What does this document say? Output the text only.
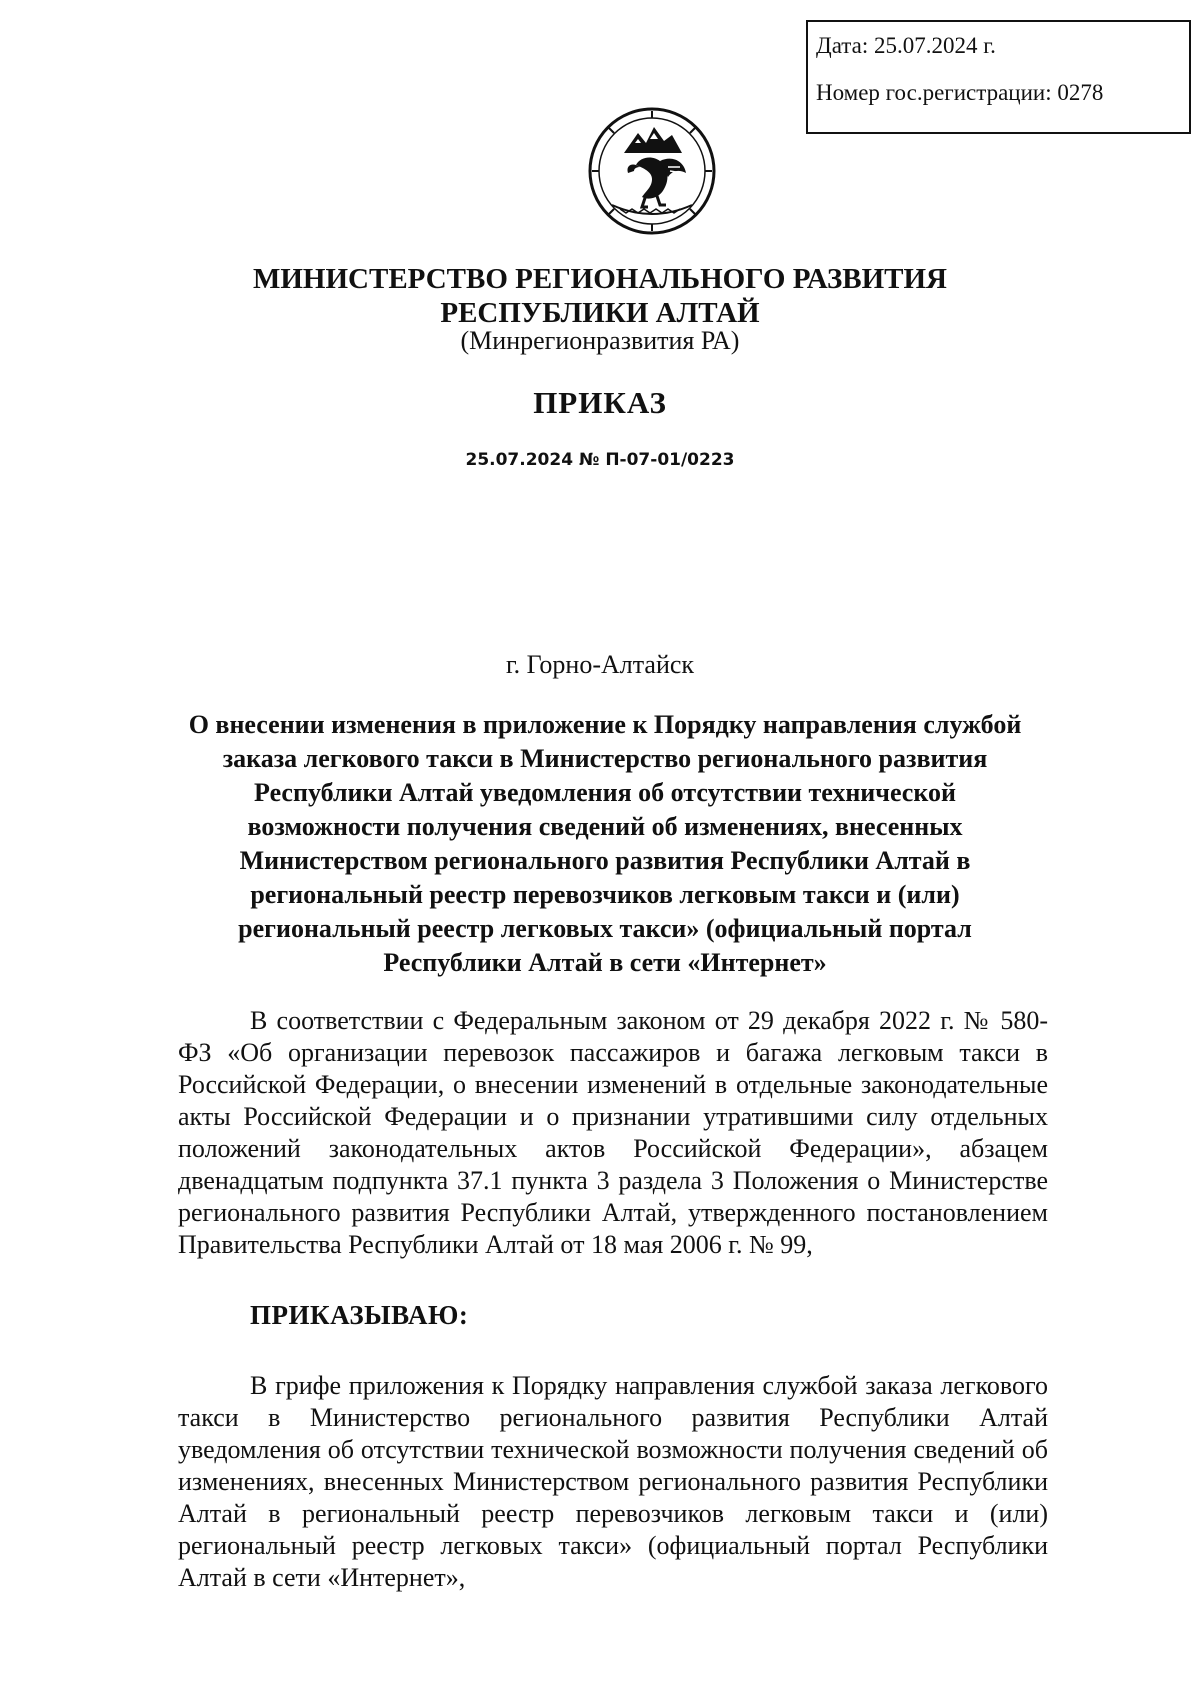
Дата: 25.07.2024 г.
Номер гос.регистрации: 0278
МИНИСТЕРСТВО РЕГИОНАЛЬНОГО РАЗВИТИЯ
РЕСПУБЛИКИ АЛТАЙ
(Минрегионразвития РА)
ПРИКАЗ
25.07.2024 № П-07-01/0223
г. Горно-Алтайск
О внесении изменения в приложение к Порядку направления службой заказа легкового такси в Министерство регионального развития Республики Алтай уведомления об отсутствии технической возможности получения сведений об изменениях, внесенных Министерством регионального развития Республики Алтай в региональный реестр перевозчиков легковым такси и (или) региональный реестр легковых такси» (официальный портал Республики Алтай в сети «Интернет»
В соответствии с Федеральным законом от 29 декабря 2022 г. № 580-ФЗ «Об организации перевозок пассажиров и багажа легковым такси в Российской Федерации, о внесении изменений в отдельные законодательные акты Российской Федерации и о признании утратившими силу отдельных положений законодательных актов Российской Федерации», абзацем двенадцатым подпункта 37.1 пункта 3 раздела 3 Положения о Министерстве регионального развития Республики Алтай, утвержденного постановлением Правительства Республики Алтай от 18 мая 2006 г. № 99,
ПРИКАЗЫВАЮ:
В грифе приложения к Порядку направления службой заказа легкового такси в Министерство регионального развития Республики Алтай уведомления об отсутствии технической возможности получения сведений об изменениях, внесенных Министерством регионального развития Республики Алтай в региональный реестр перевозчиков легковым такси и (или) региональный реестр легковых такси» (официальный портал Республики Алтай в сети «Интернет»,
